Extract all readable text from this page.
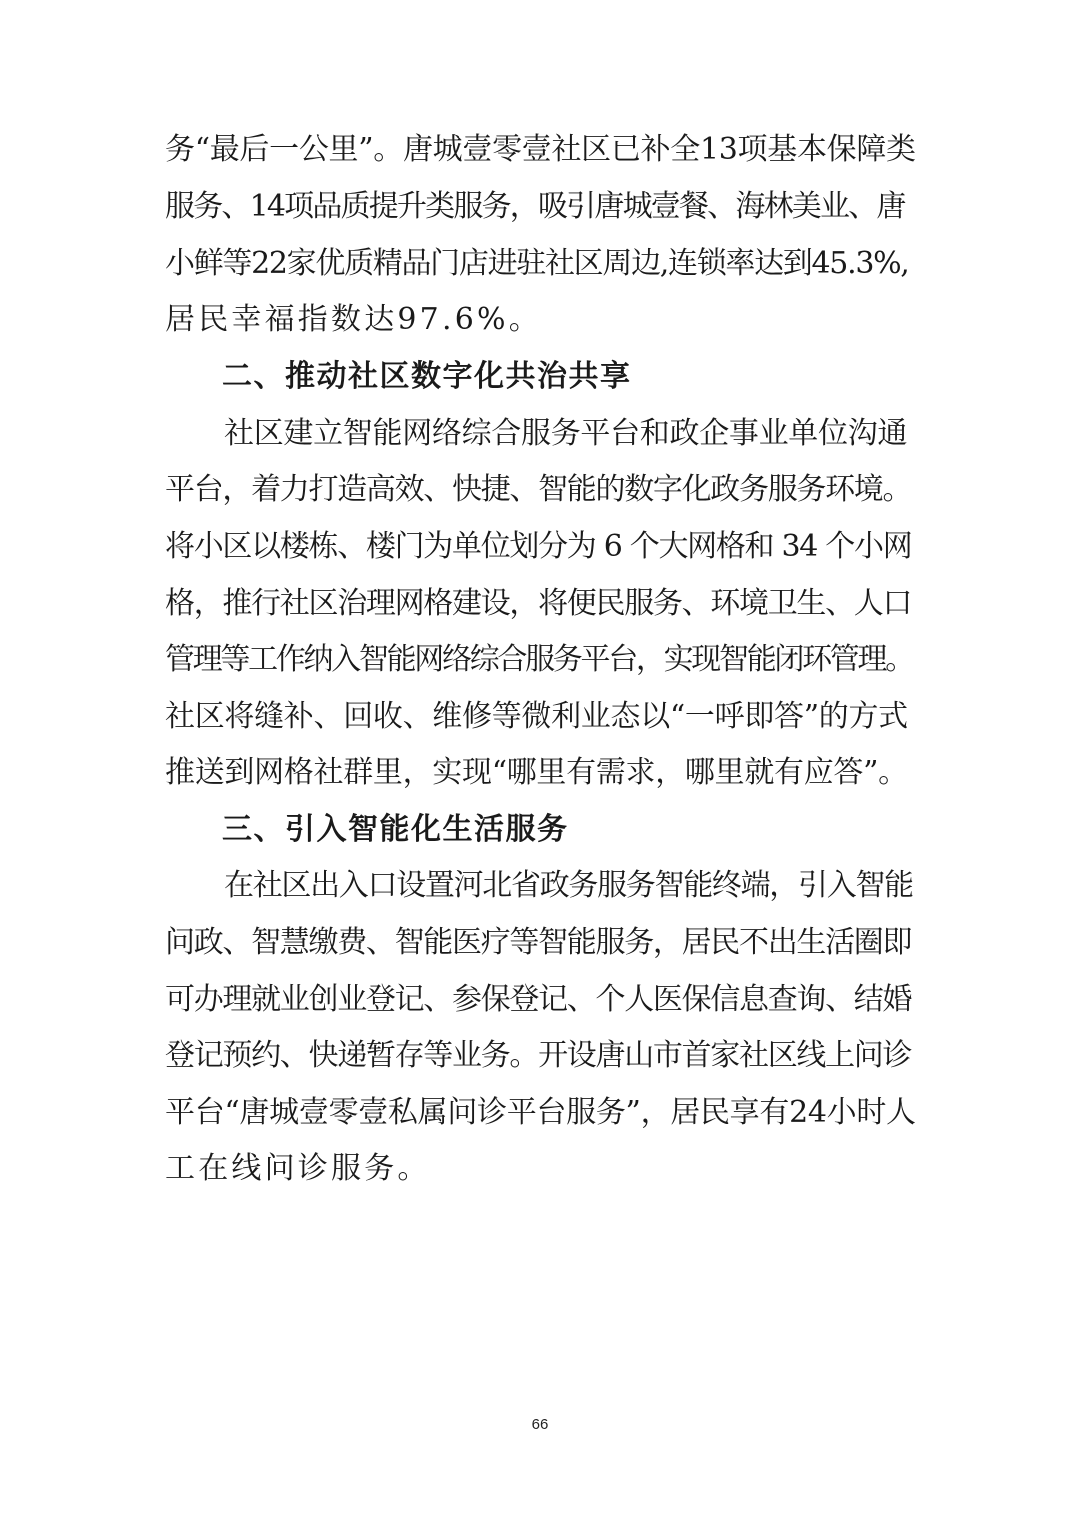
务“最后一公里”。唐城壹零壹社区已补全13项基本保障类
服务、14项品质提升类服务，吸引唐城壹餐、海林美业、唐
小鲜等22家优质精品门店进驻社区周边,连锁率达到45.3%,
居民幸福指数达97.6%。
二、推动社区数字化共治共享
社区建立智能网络综合服务平台和政企事业单位沟通
平台，着力打造高效、快捷、智能的数字化政务服务环境。
将小区以楼栋、楼门为单位划分为 6 个大网格和 34 个小网
格，推行社区治理网格建设，将便民服务、环境卫生、人口
管理等工作纳入智能网络综合服务平台，实现智能闭环管理。
社区将缝补、回收、维修等微利业态以“一呼即答”的方式
推送到网格社群里，实现“哪里有需求，哪里就有应答”。
三、引入智能化生活服务
在社区出入口设置河北省政务服务智能终端，引入智能
问政、智慧缴费、智能医疗等智能服务，居民不出生活圈即
可办理就业创业登记、参保登记、个人医保信息查询、结婚
登记预约、快递暂存等业务。开设唐山市首家社区线上问诊
平台“唐城壹零壹私属问诊平台服务”，居民享有24小时人
工在线问诊服务。
66
